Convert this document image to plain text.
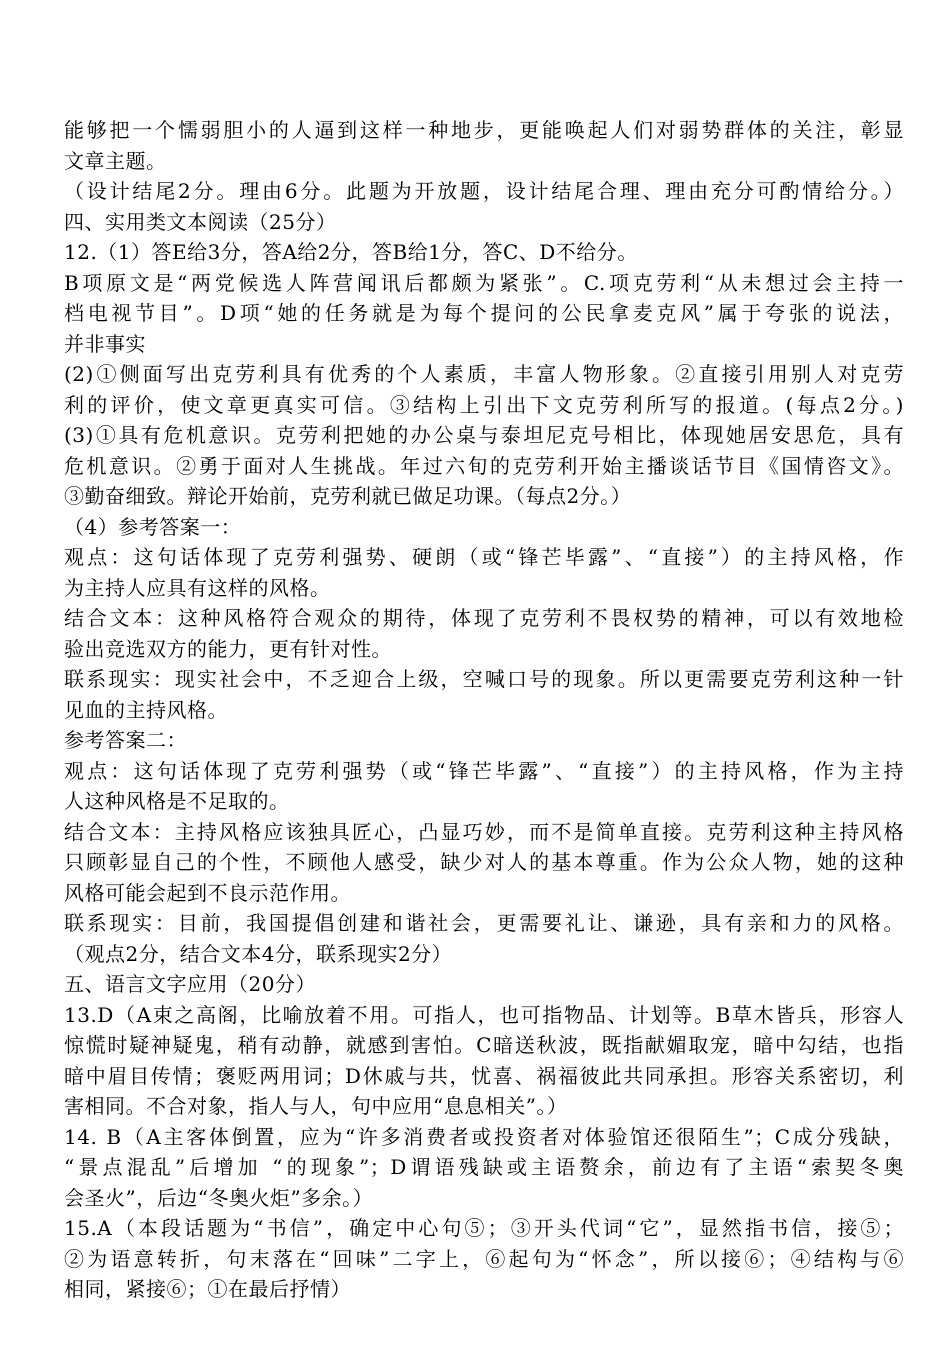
能够把一个懦弱胆小的人逼到这样一种地步，更能唤起人们对弱势群体的关注，彰显
文章主题。
（设计结尾2分。理由6分。此题为开放题，设计结尾合理、理由充分可酌情给分。）
四、实用类文本阅读（25分）
12.（1）答E给3分，答A给2分，答B给1分，答C、D不给分。
B项原文是“两党候选人阵营闻讯后都颇为紧张”。C.项克劳利“从未想过会主持一
档电视节目”。D项“她的任务就是为每个提问的公民拿麦克风”属于夸张的说法，
并非事实
(2)①侧面写出克劳利具有优秀的个人素质，丰富人物形象。②直接引用别人对克劳
利的评价，使文章更真实可信。③结构上引出下文克劳利所写的报道。(每点2分。)
(3)①具有危机意识。克劳利把她的办公桌与泰坦尼克号相比，体现她居安思危，具有
危机意识。②勇于面对人生挑战。年过六旬的克劳利开始主播谈话节目《国情咨文》。
③勤奋细致。辩论开始前，克劳利就已做足功课。（每点2分。）
（4）参考答案一：
观点：这句话体现了克劳利强势、硬朗（或“锋芒毕露”、“直接”）的主持风格，作
为主持人应具有这样的风格。
结合文本：这种风格符合观众的期待，体现了克劳利不畏权势的精神，可以有效地检
验出竞选双方的能力，更有针对性。
联系现实：现实社会中，不乏迎合上级，空喊口号的现象。所以更需要克劳利这种一针
见血的主持风格。
参考答案二：
观点：这句话体现了克劳利强势（或“锋芒毕露”、“直接”）的主持风格，作为主持
人这种风格是不足取的。
结合文本：主持风格应该独具匠心，凸显巧妙，而不是简单直接。克劳利这种主持风格
只顾彰显自己的个性，不顾他人感受，缺少对人的基本尊重。作为公众人物，她的这种
风格可能会起到不良示范作用。
联系现实：目前，我国提倡创建和谐社会，更需要礼让、谦逊，具有亲和力的风格。
（观点2分，结合文本4分，联系现实2分）
五、语言文字应用（20分）
13.D（A束之高阁，比喻放着不用。可指人，也可指物品、计划等。B草木皆兵，形容人
惊慌时疑神疑鬼，稍有动静，就感到害怕。C暗送秋波，既指献媚取宠，暗中勾结，也指
暗中眉目传情；褒贬两用词；D休戚与共，忧喜、祸福彼此共同承担。形容关系密切，利
害相同。不合对象，指人与人，句中应用“息息相关”。）
14. B（A主客体倒置，应为“许多消费者或投资者对体验馆还很陌生”；C成分残缺，
“景点混乱”后增加 “的现象”；D谓语残缺或主语赘余，前边有了主语“索契冬奥
会圣火”，后边“冬奥火炬”多余。）
15.A（本段话题为“书信”，确定中心句⑤；③开头代词“它”，显然指书信，接⑤；
②为语意转折，句末落在“回味”二字上，⑥起句为“怀念”，所以接⑥；④结构与⑥
相同，紧接⑥；①在最后抒情）
